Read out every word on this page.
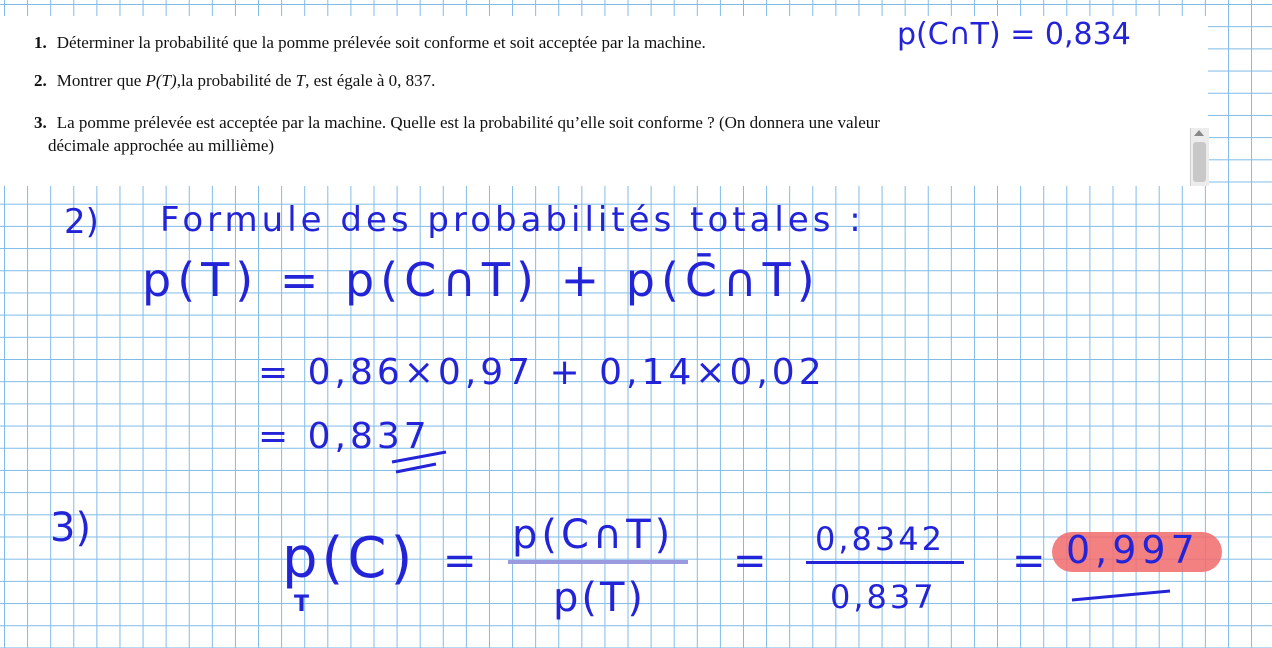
1. Déterminer la probabilité que la pomme prélevée soit conforme et soit acceptée par la machine.
2. Montrer que P(T),la probabilité de T, est égale à 0, 837.
3. La pomme prélevée est acceptée par la machine. Quelle est la probabilité qu’elle soit conforme ? (On donnera une valeur
décimale approchée au millième)
p(C∩T) = 0,834
2) Formule des probabilités totales :
p(T) = p(C∩T) + p(C̄∩T)
= 0,86×0,97 + 0,14×0,02
= 0,837
3)	p(C)
T
=
p(C∩T)
p(T)
= 0,8342
0,837
= 0,997
